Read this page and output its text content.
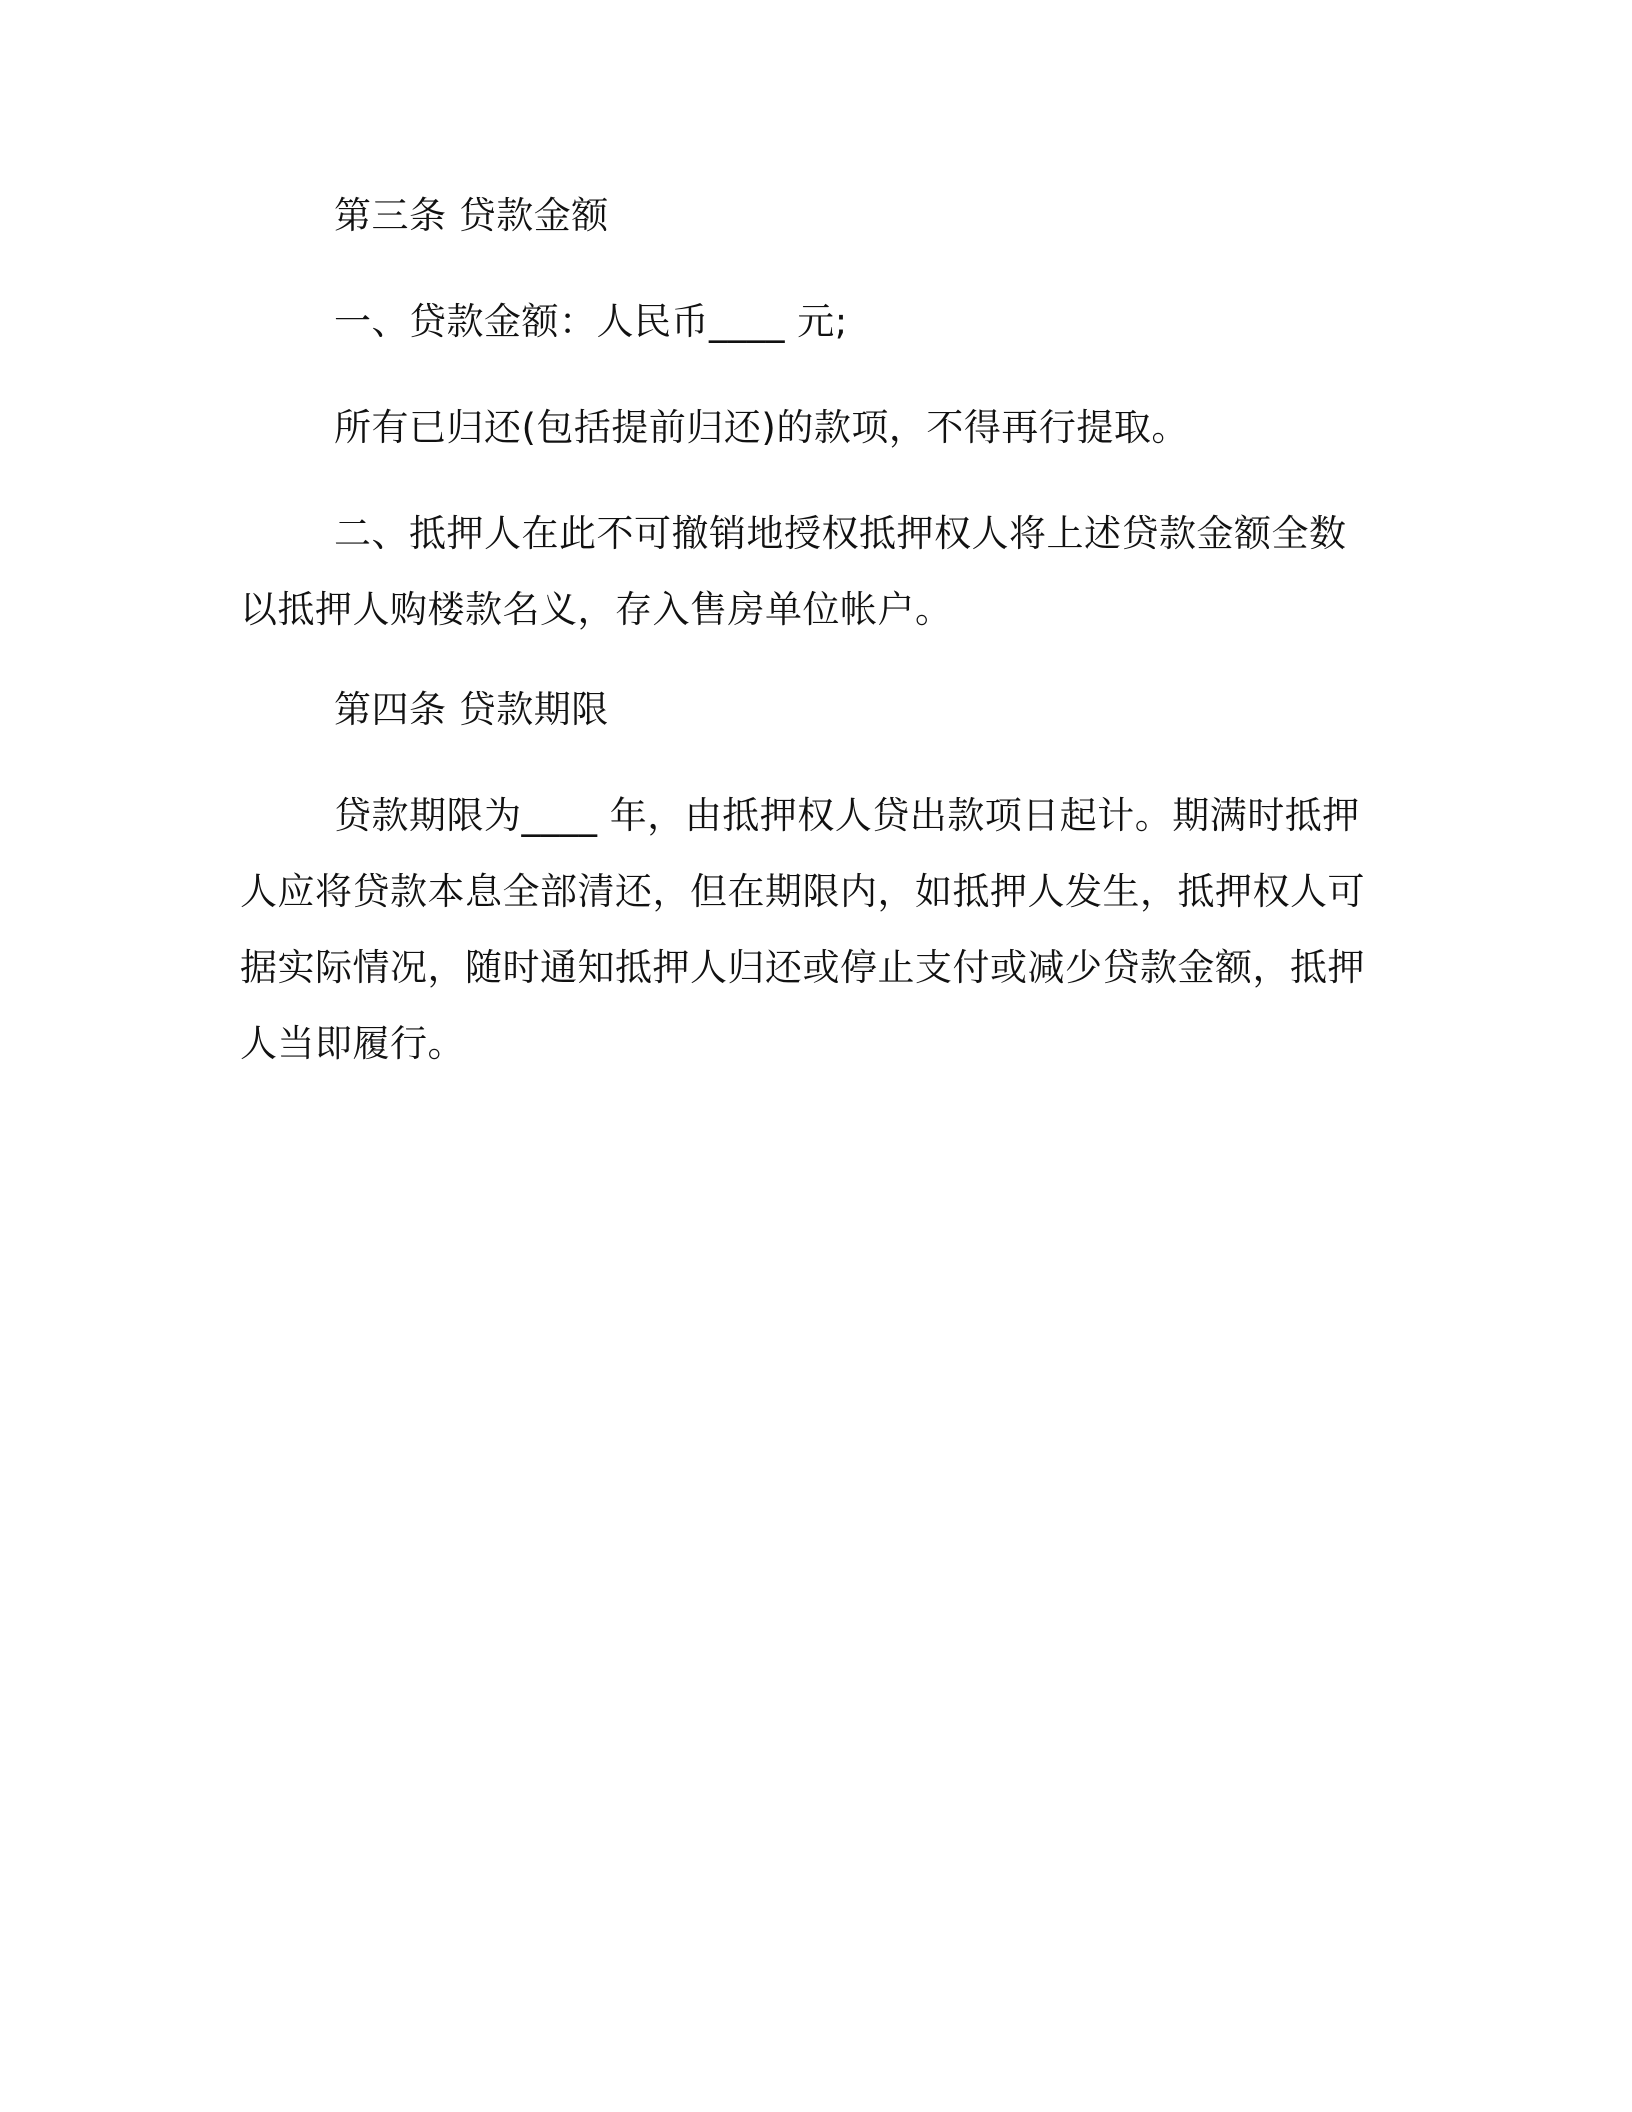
第三条 贷款金额

一、贷款金额：人民币____ 元;

所有已归还(包括提前归还)的款项，不得再行提取。

二、抵押人在此不可撤销地授权抵押权人将上述贷款金额全数以抵押人购楼款名义，存入售房单位帐户。

第四条 贷款期限

贷款期限为____ 年，由抵押权人贷出款项日起计。期满时抵押人应将贷款本息全部清还，但在期限内，如抵押人发生，抵押权人可据实际情况，随时通知抵押人归还或停止支付或减少贷款金额，抵押人当即履行。
